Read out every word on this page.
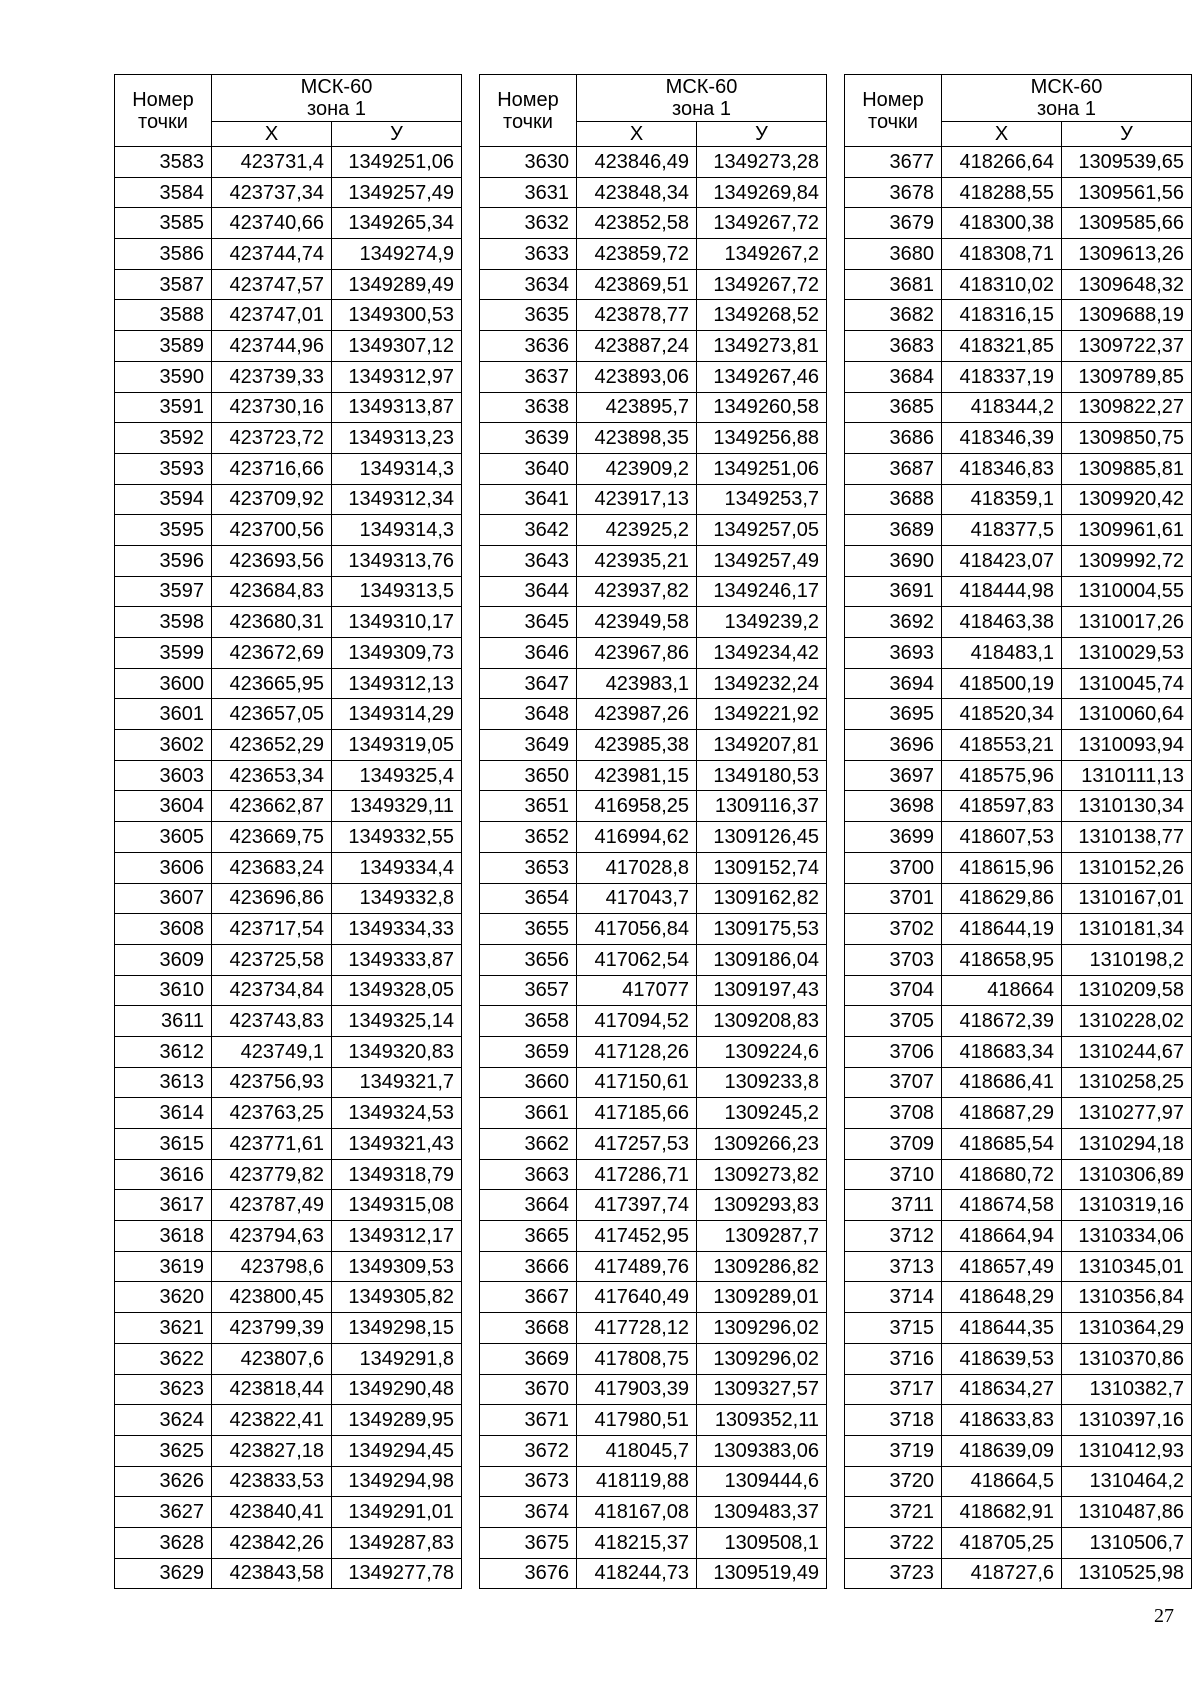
Номер
точки	МСК-60
зона 1	

	X	У
3583	423731,4	1349251,06
3584	423737,34	1349257,49
3585	423740,66	1349265,34
3586	423744,74	1349274,9
3587	423747,57	1349289,49
3588	423747,01	1349300,53
3589	423744,96	1349307,12
3590	423739,33	1349312,97
3591	423730,16	1349313,87
3592	423723,72	1349313,23
3593	423716,66	1349314,3
3594	423709,92	1349312,34
3595	423700,56	1349314,3
3596	423693,56	1349313,76
3597	423684,83	1349313,5
3598	423680,31	1349310,17
3599	423672,69	1349309,73
3600	423665,95	1349312,13
3601	423657,05	1349314,29
3602	423652,29	1349319,05
3603	423653,34	1349325,4
3604	423662,87	1349329,11
3605	423669,75	1349332,55
3606	423683,24	1349334,4
3607	423696,86	1349332,8
3608	423717,54	1349334,33
3609	423725,58	1349333,87
3610	423734,84	1349328,05
3611	423743,83	1349325,14
3612	423749,1	1349320,83
3613	423756,93	1349321,7
3614	423763,25	1349324,53
3615	423771,61	1349321,43
3616	423779,82	1349318,79
3617	423787,49	1349315,08
3618	423794,63	1349312,17
3619	423798,6	1349309,53
3620	423800,45	1349305,82
3621	423799,39	1349298,15
3622	423807,6	1349291,8
3623	423818,44	1349290,48
3624	423822,41	1349289,95
3625	423827,18	1349294,45
3626	423833,53	1349294,98
3627	423840,41	1349291,01
3628	423842,26	1349287,83
3629	423843,58	1349277,78
Номер
точки	МСК-60
зона 1	

	X	У
3630	423846,49	1349273,28
3631	423848,34	1349269,84
3632	423852,58	1349267,72
3633	423859,72	1349267,2
3634	423869,51	1349267,72
3635	423878,77	1349268,52
3636	423887,24	1349273,81
3637	423893,06	1349267,46
3638	423895,7	1349260,58
3639	423898,35	1349256,88
3640	423909,2	1349251,06
3641	423917,13	1349253,7
3642	423925,2	1349257,05
3643	423935,21	1349257,49
3644	423937,82	1349246,17
3645	423949,58	1349239,2
3646	423967,86	1349234,42
3647	423983,1	1349232,24
3648	423987,26	1349221,92
3649	423985,38	1349207,81
3650	423981,15	1349180,53
3651	416958,25	1309116,37
3652	416994,62	1309126,45
3653	417028,8	1309152,74
3654	417043,7	1309162,82
3655	417056,84	1309175,53
3656	417062,54	1309186,04
3657	417077	1309197,43
3658	417094,52	1309208,83
3659	417128,26	1309224,6
3660	417150,61	1309233,8
3661	417185,66	1309245,2
3662	417257,53	1309266,23
3663	417286,71	1309273,82
3664	417397,74	1309293,83
3665	417452,95	1309287,7
3666	417489,76	1309286,82
3667	417640,49	1309289,01
3668	417728,12	1309296,02
3669	417808,75	1309296,02
3670	417903,39	1309327,57
3671	417980,51	1309352,11
3672	418045,7	1309383,06
3673	418119,88	1309444,6
3674	418167,08	1309483,37
3675	418215,37	1309508,1
3676	418244,73	1309519,49
Номер
точки	МСК-60
зона 1	

	X	У
3677	418266,64	1309539,65
3678	418288,55	1309561,56
3679	418300,38	1309585,66
3680	418308,71	1309613,26
3681	418310,02	1309648,32
3682	418316,15	1309688,19
3683	418321,85	1309722,37
3684	418337,19	1309789,85
3685	418344,2	1309822,27
3686	418346,39	1309850,75
3687	418346,83	1309885,81
3688	418359,1	1309920,42
3689	418377,5	1309961,61
3690	418423,07	1309992,72
3691	418444,98	1310004,55
3692	418463,38	1310017,26
3693	418483,1	1310029,53
3694	418500,19	1310045,74
3695	418520,34	1310060,64
3696	418553,21	1310093,94
3697	418575,96	1310111,13
3698	418597,83	1310130,34
3699	418607,53	1310138,77
3700	418615,96	1310152,26
3701	418629,86	1310167,01
3702	418644,19	1310181,34
3703	418658,95	1310198,2
3704	418664	1310209,58
3705	418672,39	1310228,02
3706	418683,34	1310244,67
3707	418686,41	1310258,25
3708	418687,29	1310277,97
3709	418685,54	1310294,18
3710	418680,72	1310306,89
3711	418674,58	1310319,16
3712	418664,94	1310334,06
3713	418657,49	1310345,01
3714	418648,29	1310356,84
3715	418644,35	1310364,29
3716	418639,53	1310370,86
3717	418634,27	1310382,7
3718	418633,83	1310397,16
3719	418639,09	1310412,93
3720	418664,5	1310464,2
3721	418682,91	1310487,86
3722	418705,25	1310506,7
3723	418727,6	1310525,98
27
